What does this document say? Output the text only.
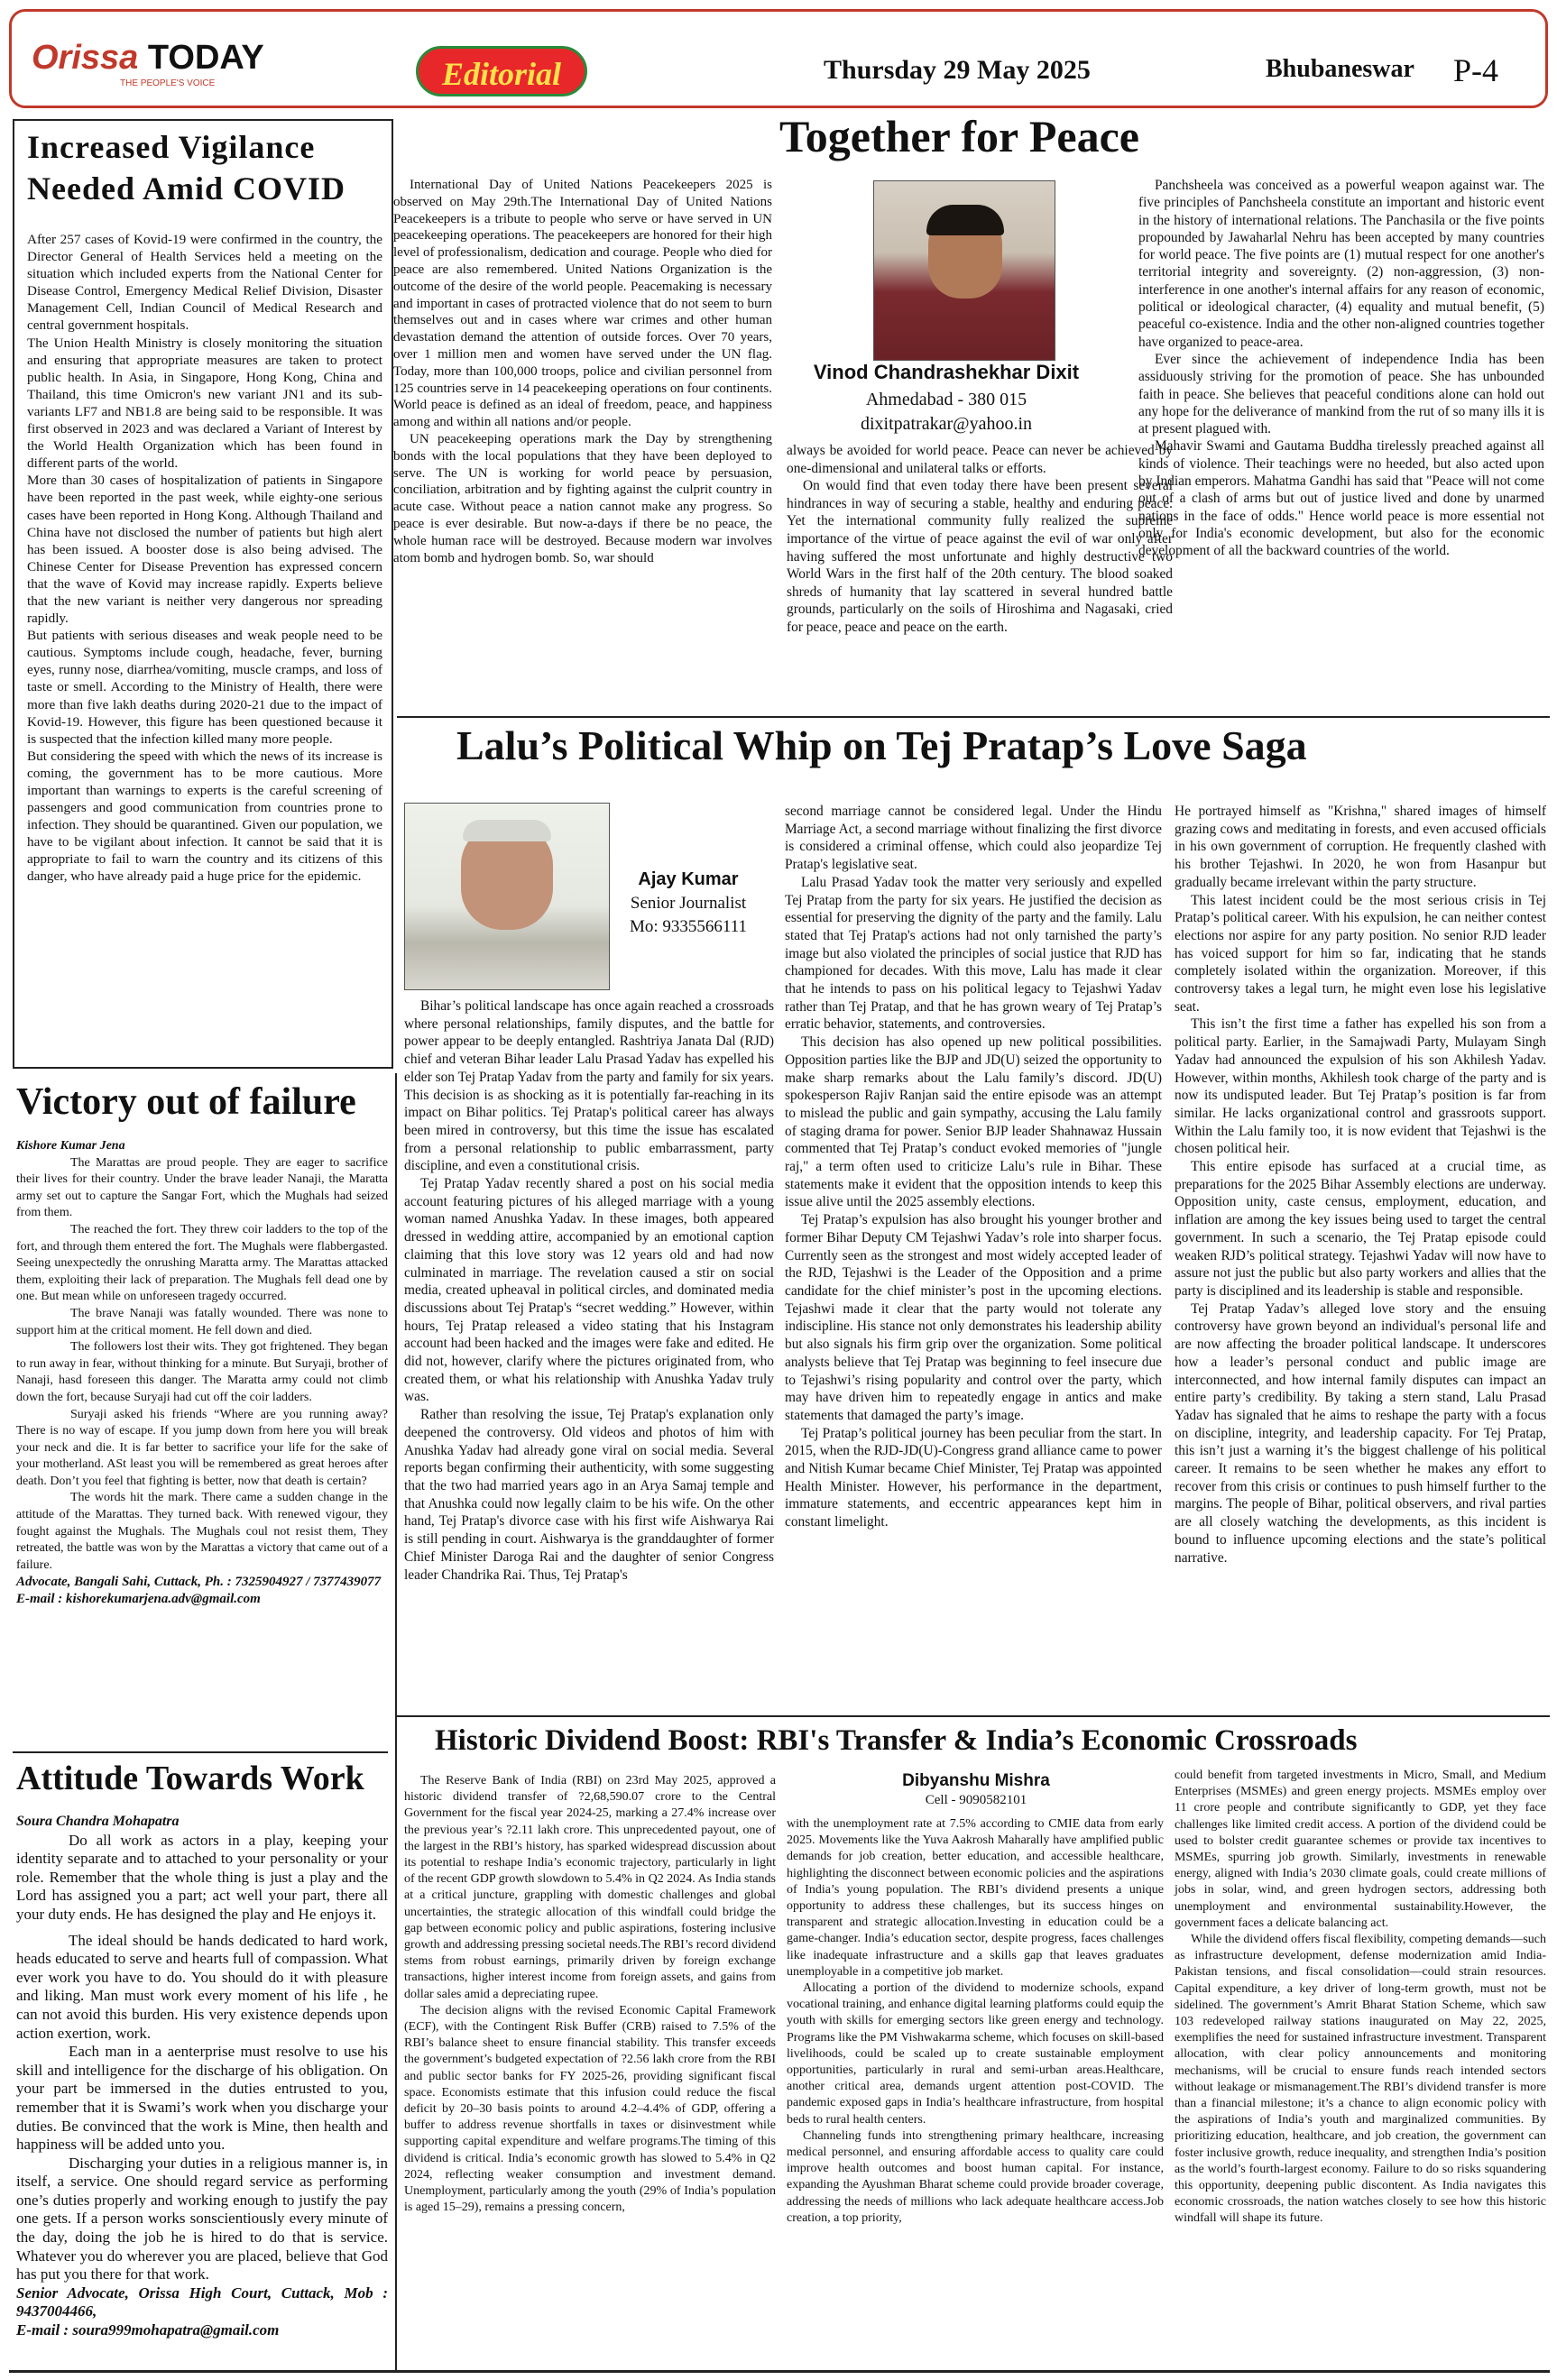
Orissa TODAY
THE PEOPLE'S VOICE	Editorial	Thursday 29 May 2025	Bhubaneswar P-4
Increased Vigilance Needed Amid COVID

After 257 cases of Kovid-19 were confirmed in the country, the Director General of Health Services held a meeting on the situation which included experts from the National Center for Disease Control, Emergency Medical Relief Division, Disaster Management Cell, Indian Council of Medical Research and central government hospitals.

The Union Health Ministry is closely monitoring the situation and ensuring that appropriate measures are taken to protect public health. In Asia, in Singapore, Hong Kong, China and Thailand, this time Omicron's new variant JN1 and its sub-variants LF7 and NB1.8 are being said to be responsible. It was first observed in 2023 and was declared a Variant of Interest by the World Health Organization which has been found in different parts of the world.

More than 30 cases of hospitalization of patients in Singapore have been reported in the past week, while eighty-one serious cases have been reported in Hong Kong. Although Thailand and China have not disclosed the number of patients but high alert has been issued. A booster dose is also being advised. The Chinese Center for Disease Prevention has expressed concern that the wave of Kovid may increase rapidly. Experts believe that the new variant is neither very dangerous nor spreading rapidly.

But patients with serious diseases and weak people need to be cautious. Symptoms include cough, headache, fever, burning eyes, runny nose, diarrhea/vomiting, muscle cramps, and loss of taste or smell. According to the Ministry of Health, there were more than five lakh deaths during 2020-21 due to the impact of Kovid-19. However, this figure has been questioned because it is suspected that the infection killed many more people.

But considering the speed with which the news of its increase is coming, the government has to be more cautious. More important than warnings to experts is the careful screening of passengers and good communication from countries prone to infection. They should be quarantined. Given our population, we have to be vigilant about infection. It cannot be said that it is appropriate to fail to warn the country and its citizens of this danger, who have already paid a huge price for the epidemic.

Victory out of failure

Kishore Kumar Jena

The Marattas are proud people. They are eager to sacrifice their lives for their country. Under the brave leader Nanaji, the Maratta army set out to capture the Sangar Fort, which the Mughals had seized from them.

The reached the fort. They threw coir ladders to the top of the fort, and through them entered the fort. The Mughals were flabbergasted. Seeing unexpectedly the onrushing Maratta army. The Marattas attacked them, exploiting their lack of preparation. The Mughals fell dead one by one. But mean while on unforeseen tragedy occurred.

The brave Nanaji was fatally wounded. There was none to support him at the critical moment. He fell down and died.

The followers lost their wits. They got frightened. They began to run away in fear, without thinking for a minute. But Suryaji, brother of Nanaji, hasd foreseen this danger. The Maratta army could not climb down the fort, because Suryaji had cut off the coir ladders.

Suryaji asked his friends “Where are you running away? There is no way of escape. If you jump down from here you will break your neck and die. It is far better to sacrifice your life for the sake of your motherland. ASt least you will be remembered as great heroes after death. Don’t you feel that fighting is better, now that death is certain?

The words hit the mark. There came a sudden change in the attitude of the Marattas. They turned back. With renewed vigour, they fought against the Mughals. The Mughals coul not resist them, They retreated, the battle was won by the Marattas a victory that came out of a failure.

Advocate, Bangali Sahi, Cuttack, Ph. : 7325904927 / 7377439077

E-mail : kishorekumarjena.adv@gmail.com

Attitude Towards Work

Soura Chandra Mohapatra

Do all work as actors in a play, keeping your identity separate and to attached to your personality or your role. Remember that the whole thing is just a play and the Lord has assigned you a part; act well your part, there all your duty ends. He has designed the play and He enjoys it.

The ideal should be hands dedicated to hard work, heads educated to serve and hearts full of compassion. What ever work you have to do. You should do it with pleasure and liking. Man must work every moment of his life , he can not avoid this burden. His very existence depends upon action exertion, work.

Each man in a aenterprise must resolve to use his skill and intelligence for the discharge of his obligation. On your part be immersed in the duties entrusted to you, remember that it is Swami’s work when you discharge your duties. Be convinced that the work is Mine, then health and happiness will be added unto you.

Discharging your duties in a religious manner is, in itself, a service. One should regard service as performing one’s duties properly and working enough to justify the pay one gets. If a person works sonscientiously every minute of the day, doing the job he is hired to do that is service. Whatever you do wherever you are placed, believe that God has put you there for that work.

Senior Advocate, Orissa High Court, Cuttack, Mob : 9437004466,

E-mail : soura999mohapatra@gmail.com

Together for Peace

International Day of United Nations Peacekeepers 2025 is observed on May 29th.The International Day of United Nations Peacekeepers is a tribute to people who serve or have served in UN peacekeeping operations. The peacekeepers are honored for their high level of professionalism, dedication and courage. People who died for peace are also remembered. United Nations Organization is the outcome of the desire of the world people. Peacemaking is necessary and important in cases of protracted violence that do not seem to burn themselves out and in cases where war crimes and other human devastation demand the attention of outside forces. Over 70 years, over 1 million men and women have served under the UN flag. Today, more than 100,000 troops, police and civilian personnel from 125 countries serve in 14 peacekeeping operations on four continents. World peace is defined as an ideal of freedom, peace, and happiness among and within all nations and/or people.

UN peacekeeping operations mark the Day by strengthening bonds with the local populations that they have been deployed to serve. The UN is working for world peace by persuasion, conciliation, arbitration and by fighting against the culprit country in acute case. Without peace a nation cannot make any progress. So peace is ever desirable. But now-a-days if there be no peace, the whole human race will be destroyed. Because modern war involves atom bomb and hydrogen bomb. So, war should

Vinod Chandrashekhar Dixit
Ahmedabad - 380 015
dixitpatrakar@yahoo.in

always be avoided for world peace. Peace can never be achieved by one-dimensional and unilateral talks or efforts.

On would find that even today there have been present several hindrances in way of securing a stable, healthy and enduring peace. Yet the international community fully realized the supreme importance of the virtue of peace against the evil of war only after having suffered the most unfortunate and highly destructive two World Wars in the first half of the 20th century. The blood soaked shreds of humanity that lay scattered in several hundred battle grounds, particularly on the soils of Hiroshima and Nagasaki, cried for peace, peace and peace on the earth.

Panchsheela was conceived as a powerful weapon against war. The five principles of Panchsheela constitute an important and historic event in the history of international relations. The Panchasila or the five points propounded by Jawaharlal Nehru has been accepted by many countries for world peace. The five points are (1) mutual respect for one another's territorial integrity and sovereignty. (2) non-aggression, (3) non-interference in one another's internal affairs for any reason of economic, political or ideological character, (4) equality and mutual benefit, (5) peaceful co-existence. India and the other non-aligned countries together have organized to peace-area.

Ever since the achievement of independence India has been assiduously striving for the promotion of peace. She has unbounded faith in peace. She believes that peaceful conditions alone can hold out any hope for the deliverance of mankind from the rut of so many ills it is at present plagued with.

Mahavir Swami and Gautama Buddha tirelessly preached against all kinds of violence. Their teachings were no heeded, but also acted upon by Indian emperors. Mahatma Gandhi has said that "Peace will not come out of a clash of arms but out of justice lived and done by unarmed nations in the face of odds." Hence world peace is more essential not only for India's economic development, but also for the economic development of all the backward countries of the world.

Lalu’s Political Whip on Tej Pratap’s Love Saga
Ajay Kumar
Senior Journalist
Mo: 9335566111

Bihar’s political landscape has once again reached a crossroads where personal relationships, family disputes, and the battle for power appear to be deeply entangled. Rashtriya Janata Dal (RJD) chief and veteran Bihar leader Lalu Prasad Yadav has expelled his elder son Tej Pratap Yadav from the party and family for six years. This decision is as shocking as it is potentially far-reaching in its impact on Bihar politics. Tej Pratap's political career has always been mired in controversy, but this time the issue has escalated from a personal relationship to public embarrassment, party discipline, and even a constitutional crisis.

Tej Pratap Yadav recently shared a post on his social media account featuring pictures of his alleged marriage with a young woman named Anushka Yadav. In these images, both appeared dressed in wedding attire, accompanied by an emotional caption claiming that this love story was 12 years old and had now culminated in marriage. The revelation caused a stir on social media, created upheaval in political circles, and dominated media discussions about Tej Pratap's “secret wedding.” However, within hours, Tej Pratap released a video stating that his Instagram account had been hacked and the images were fake and edited. He did not, however, clarify where the pictures originated from, who created them, or what his relationship with Anushka Yadav truly was.

Rather than resolving the issue, Tej Pratap's explanation only deepened the controversy. Old videos and photos of him with Anushka Yadav had already gone viral on social media. Several reports began confirming their authenticity, with some suggesting that the two had married years ago in an Arya Samaj temple and that Anushka could now legally claim to be his wife. On the other hand, Tej Pratap's divorce case with his first wife Aishwarya Rai is still pending in court. Aishwarya is the granddaughter of former Chief Minister Daroga Rai and the daughter of senior Congress leader Chandrika Rai. Thus, Tej Pratap's

second marriage cannot be considered legal. Under the Hindu Marriage Act, a second marriage without finalizing the first divorce is considered a criminal offense, which could also jeopardize Tej Pratap's legislative seat.

Lalu Prasad Yadav took the matter very seriously and expelled Tej Pratap from the party for six years. He justified the decision as essential for preserving the dignity of the party and the family. Lalu stated that Tej Pratap's actions had not only tarnished the party’s image but also violated the principles of social justice that RJD has championed for decades. With this move, Lalu has made it clear that he intends to pass on his political legacy to Tejashwi Yadav rather than Tej Pratap, and that he has grown weary of Tej Pratap’s erratic behavior, statements, and controversies.

This decision has also opened up new political possibilities. Opposition parties like the BJP and JD(U) seized the opportunity to make sharp remarks about the Lalu family’s discord. JD(U) spokesperson Rajiv Ranjan said the entire episode was an attempt to mislead the public and gain sympathy, accusing the Lalu family of staging drama for power. Senior BJP leader Shahnawaz Hussain commented that Tej Pratap’s conduct evoked memories of "jungle raj," a term often used to criticize Lalu’s rule in Bihar. These statements make it evident that the opposition intends to keep this issue alive until the 2025 assembly elections.

Tej Pratap’s expulsion has also brought his younger brother and former Bihar Deputy CM Tejashwi Yadav’s role into sharper focus. Currently seen as the strongest and most widely accepted leader of the RJD, Tejashwi is the Leader of the Opposition and a prime candidate for the chief minister’s post in the upcoming elections. Tejashwi made it clear that the party would not tolerate any indiscipline. His stance not only demonstrates his leadership ability but also signals his firm grip over the organization. Some political analysts believe that Tej Pratap was beginning to feel insecure due to Tejashwi’s rising popularity and control over the party, which may have driven him to repeatedly engage in antics and make statements that damaged the party’s image.

Tej Pratap’s political journey has been peculiar from the start. In 2015, when the RJD-JD(U)-Congress grand alliance came to power and Nitish Kumar became Chief Minister, Tej Pratap was appointed Health Minister. However, his performance in the department, immature statements, and eccentric appearances kept him in constant limelight.

He portrayed himself as "Krishna," shared images of himself grazing cows and meditating in forests, and even accused officials in his own government of corruption. He frequently clashed with his brother Tejashwi. In 2020, he won from Hasanpur but gradually became irrelevant within the party structure.

This latest incident could be the most serious crisis in Tej Pratap’s political career. With his expulsion, he can neither contest elections nor aspire for any party position. No senior RJD leader has voiced support for him so far, indicating that he stands completely isolated within the organization. Moreover, if this controversy takes a legal turn, he might even lose his legislative seat.

This isn’t the first time a father has expelled his son from a political party. Earlier, in the Samajwadi Party, Mulayam Singh Yadav had announced the expulsion of his son Akhilesh Yadav. However, within months, Akhilesh took charge of the party and is now its undisputed leader. But Tej Pratap’s position is far from similar. He lacks organizational control and grassroots support. Within the Lalu family too, it is now evident that Tejashwi is the chosen political heir.

This entire episode has surfaced at a crucial time, as preparations for the 2025 Bihar Assembly elections are underway. Opposition unity, caste census, employment, education, and inflation are among the key issues being used to target the central government. In such a scenario, the Tej Pratap episode could weaken RJD’s political strategy. Tejashwi Yadav will now have to assure not just the public but also party workers and allies that the party is disciplined and its leadership is stable and responsible.

Tej Pratap Yadav’s alleged love story and the ensuing controversy have grown beyond an individual's personal life and are now affecting the broader political landscape. It underscores how a leader’s personal conduct and public image are interconnected, and how internal family disputes can impact an entire party’s credibility. By taking a stern stand, Lalu Prasad Yadav has signaled that he aims to reshape the party with a focus on discipline, integrity, and leadership capacity. For Tej Pratap, this isn’t just a warning it’s the biggest challenge of his political career. It remains to be seen whether he makes any effort to recover from this crisis or continues to push himself further to the margins. The people of Bihar, political observers, and rival parties are all closely watching the developments, as this incident is bound to influence upcoming elections and the state’s political narrative.

Historic Dividend Boost: RBI's Transfer & India’s Economic Crossroads

The Reserve Bank of India (RBI) on 23rd May 2025, approved a historic dividend transfer of ?2,68,590.07 crore to the Central Government for the fiscal year 2024-25, marking a 27.4% increase over the previous year’s ?2.11 lakh crore. This unprecedented payout, one of the largest in the RBI’s history, has sparked widespread discussion about its potential to reshape India’s economic trajectory, particularly in light of the recent GDP growth slowdown to 5.4% in Q2 2024. As India stands at a critical juncture, grappling with domestic challenges and global uncertainties, the strategic allocation of this windfall could bridge the gap between economic policy and public aspirations, fostering inclusive growth and addressing pressing societal needs.The RBI’s record dividend stems from robust earnings, primarily driven by foreign exchange transactions, higher interest income from foreign assets, and gains from dollar sales amid a depreciating rupee.

The decision aligns with the revised Economic Capital Framework (ECF), with the Contingent Risk Buffer (CRB) raised to 7.5% of the RBI’s balance sheet to ensure financial stability. This transfer exceeds the government’s budgeted expectation of ?2.56 lakh crore from the RBI and public sector banks for FY 2025-26, providing significant fiscal space. Economists estimate that this infusion could reduce the fiscal deficit by 20–30 basis points to around 4.2–4.4% of GDP, offering a buffer to address revenue shortfalls in taxes or disinvestment while supporting capital expenditure and welfare programs.The timing of this dividend is critical. India’s economic growth has slowed to 5.4% in Q2 2024, reflecting weaker consumption and investment demand. Unemployment, particularly among the youth (29% of India’s population is aged 15–29), remains a pressing concern,

Dibyanshu Mishra
Cell - 9090582101

with the unemployment rate at 7.5% according to CMIE data from early 2025. Movements like the Yuva Aakrosh Maharally have amplified public demands for job creation, better education, and accessible healthcare, highlighting the disconnect between economic policies and the aspirations of India’s young population. The RBI’s dividend presents a unique opportunity to address these challenges, but its success hinges on transparent and strategic allocation.Investing in education could be a game-changer. India’s education sector, despite progress, faces challenges like inadequate infrastructure and a skills gap that leaves graduates unemployable in a competitive job market.

Allocating a portion of the dividend to modernize schools, expand vocational training, and enhance digital learning platforms could equip the youth with skills for emerging sectors like green energy and technology. Programs like the PM Vishwakarma scheme, which focuses on skill-based livelihoods, could be scaled up to create sustainable employment opportunities, particularly in rural and semi-urban areas.Healthcare, another critical area, demands urgent attention post-COVID. The pandemic exposed gaps in India’s healthcare infrastructure, from hospital beds to rural health centers.

Channeling funds into strengthening primary healthcare, increasing medical personnel, and ensuring affordable access to quality care could improve health outcomes and boost human capital. For instance, expanding the Ayushman Bharat scheme could provide broader coverage, addressing the needs of millions who lack adequate healthcare access.Job creation, a top priority,

could benefit from targeted investments in Micro, Small, and Medium Enterprises (MSMEs) and green energy projects. MSMEs employ over 11 crore people and contribute significantly to GDP, yet they face challenges like limited credit access. A portion of the dividend could be used to bolster credit guarantee schemes or provide tax incentives to MSMEs, spurring job growth. Similarly, investments in renewable energy, aligned with India’s 2030 climate goals, could create millions of jobs in solar, wind, and green hydrogen sectors, addressing both unemployment and environmental sustainability.However, the government faces a delicate balancing act.

While the dividend offers fiscal flexibility, competing demands—such as infrastructure development, defense modernization amid India-Pakistan tensions, and fiscal consolidation—could strain resources. Capital expenditure, a key driver of long-term growth, must not be sidelined. The government’s Amrit Bharat Station Scheme, which saw 103 redeveloped railway stations inaugurated on May 22, 2025, exemplifies the need for sustained infrastructure investment. Transparent allocation, with clear policy announcements and monitoring mechanisms, will be crucial to ensure funds reach intended sectors without leakage or mismanagement.The RBI’s dividend transfer is more than a financial milestone; it’s a chance to align economic policy with the aspirations of India’s youth and marginalized communities. By prioritizing education, healthcare, and job creation, the government can foster inclusive growth, reduce inequality, and strengthen India’s position as the world’s fourth-largest economy. Failure to do so risks squandering this opportunity, deepening public discontent. As India navigates this economic crossroads, the nation watches closely to see how this historic windfall will shape its future.
